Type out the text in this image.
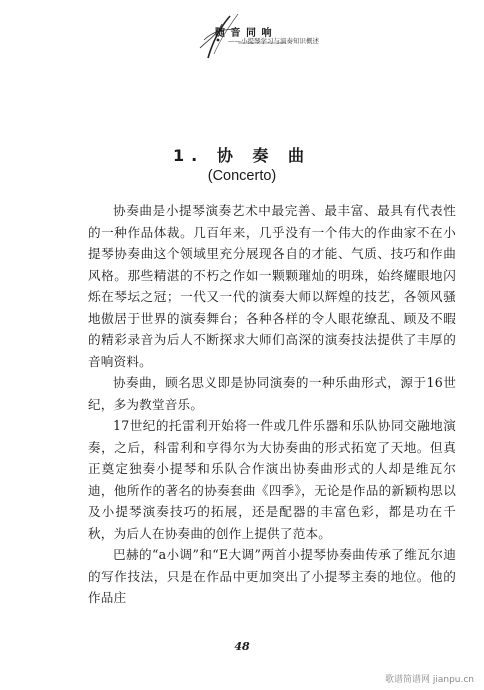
随 音 同 响
——小提琴学习与演奏知识概述
1. 协 奏 曲
(Concerto)

协奏曲是小提琴演奏艺术中最完善、最丰富、最具有代表性的一种作品体裁。几百年来，几乎没有一个伟大的作曲家不在小提琴协奏曲这个领域里充分展现各自的才能、气质、技巧和作曲风格。那些精湛的不朽之作如一颗颗璀灿的明珠，始终耀眼地闪烁在琴坛之冠；一代又一代的演奏大师以辉煌的技艺，各领风骚地傲居于世界的演奏舞台；各种各样的令人眼花缭乱、顾及不暇的精彩录音为后人不断探求大师们高深的演奏技法提供了丰厚的音响资料。

协奏曲，顾名思义即是协同演奏的一种乐曲形式，源于16世纪，多为教堂音乐。

17世纪的托雷利开始将一件或几件乐器和乐队协同交融地演奏，之后，科雷利和亨得尔为大协奏曲的形式拓宽了天地。但真正奠定独奏小提琴和乐队合作演出协奏曲形式的人却是维瓦尔迪，他所作的著名的协奏套曲《四季》，无论是作品的新颖构思以及小提琴演奏技巧的拓展，还是配器的丰富色彩，都是功在千秋，为后人在协奏曲的创作上提供了范本。

巴赫的“a小调”和“E大调”两首小提琴协奏曲传承了维瓦尔迪的写作技法，只是在作品中更加突出了小提琴主奏的地位。他的作品庄

48
歌谱简谱网 jianpu.cn
